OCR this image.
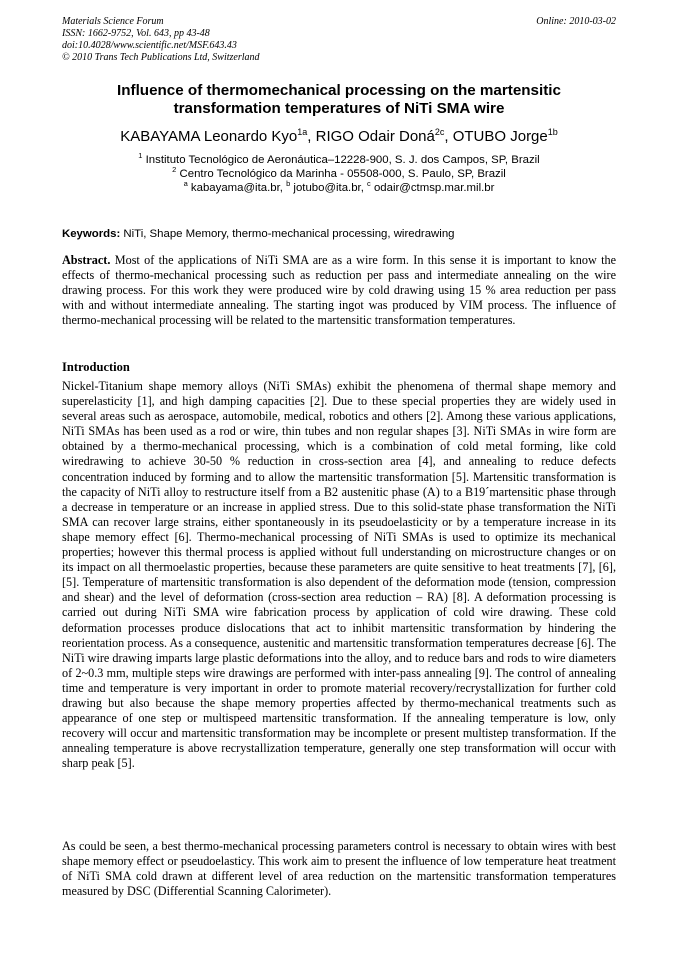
Materials Science Forum
ISSN: 1662-9752, Vol. 643, pp 43-48
doi:10.4028/www.scientific.net/MSF.643.43
© 2010 Trans Tech Publications Ltd, Switzerland
Online: 2010-03-02
Influence of thermomechanical processing on the martensitic
transformation temperatures of NiTi SMA wire
KABAYAMA Leonardo Kyo$^{1a}$, RIGO Odair Doná$^{2c}$, OTUBO Jorge$^{1b}$
$^1$ Instituto Tecnológico de Aeronáutica–12228-900, S. J. dos Campos, SP, Brazil
$^2$ Centro Tecnológico da Marinha - 05508-000, S. Paulo, SP, Brazil
$^a$ kabayama@ita.br, $^b$ jotubo@ita.br, $^c$ odair@ctmsp.mar.mil.br
Keywords: NiTi, Shape Memory, thermo-mechanical processing, wiredrawing
Abstract. Most of the applications of NiTi SMA are as a wire form. In this sense it is important to know the effects of thermo-mechanical processing such as reduction per pass and intermediate annealing on the wire drawing process. For this work they were produced wire by cold drawing using 15 % area reduction per pass with and without intermediate annealing. The starting ingot was produced by VIM process. The influence of thermo-mechanical processing will be related to the martensitic transformation temperatures.
Introduction
Nickel-Titanium shape memory alloys (NiTi SMAs) exhibit the phenomena of thermal shape memory and superelasticity [1], and high damping capacities [2]. Due to these special properties they are widely used in several areas such as aerospace, automobile, medical, robotics and others [2]. Among these various applications, NiTi SMAs has been used as a rod or wire, thin tubes and non regular shapes [3]. NiTi SMAs in wire form are obtained by a thermo-mechanical processing, which is a combination of cold metal forming, like cold wiredrawing to achieve 30-50 % reduction in cross-section area [4], and annealing to reduce defects concentration induced by forming and to allow the martensitic transformation [5]. Martensitic transformation is the capacity of NiTi alloy to restructure itself from a B2 austenitic phase (A) to a B19´martensitic phase through a decrease in temperature or an increase in applied stress. Due to this solid-state phase transformation the NiTi SMA can recover large strains, either spontaneously in its pseudoelasticity or by a temperature increase in its shape memory effect [6]. Thermo-mechanical processing of NiTi SMAs is used to optimize its mechanical properties; however this thermal process is applied without full understanding on microstructure changes or on its impact on all thermoelastic properties, because these parameters are quite sensitive to heat treatments [7], [6], [5]. Temperature of martensitic transformation is also dependent of the deformation mode (tension, compression and shear) and the level of deformation (cross-section area reduction – RA) [8]. A deformation processing is carried out during NiTi SMA wire fabrication process by application of cold wire drawing. These cold deformation processes produce dislocations that act to inhibit martensitic transformation by hindering the reorientation process. As a consequence, austenitic and martensitic transformation temperatures decrease [6]. The NiTi wire drawing imparts large plastic deformations into the alloy, and to reduce bars and rods to wire diameters of 2~0.3 mm, multiple steps wire drawings are performed with inter-pass annealing [9]. The control of annealing time and temperature is very important in order to promote material recovery/recrystallization for further cold drawing but also because the shape memory properties affected by thermo-mechanical treatments such as appearance of one step or multispeed martensitic transformation. If the annealing temperature is low, only recovery will occur and martensitic transformation may be incomplete or present multistep transformation. If the annealing temperature is above recrystallization temperature, generally one step transformation will occur with sharp peak [5].
As could be seen, a best thermo-mechanical processing parameters control is necessary to obtain wires with best shape memory effect or pseudoelasticy. This work aim to present the influence of low temperature heat treatment of NiTi SMA cold drawn at different level of area reduction on the martensitic transformation temperatures measured by DSC (Differential Scanning Calorimeter).
